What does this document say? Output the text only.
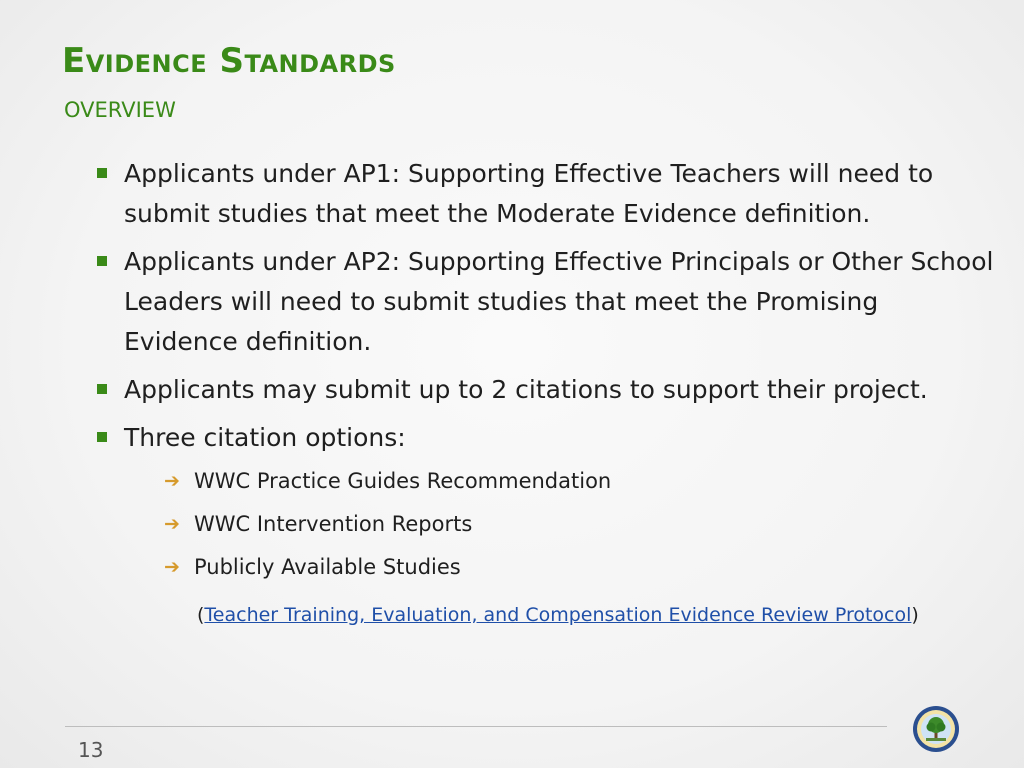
Evidence Standards
OVERVIEW
Applicants under AP1: Supporting Effective Teachers will need to submit studies that meet the Moderate Evidence definition.
Applicants under AP2: Supporting Effective Principals or Other School Leaders will need to submit studies that meet the Promising Evidence definition.
Applicants may submit up to 2 citations to support their project.
Three citation options:
➔ WWC Practice Guides Recommendation
➔ WWC Intervention Reports
➔ Publicly Available Studies
(Teacher Training, Evaluation, and Compensation Evidence Review Protocol)
13
